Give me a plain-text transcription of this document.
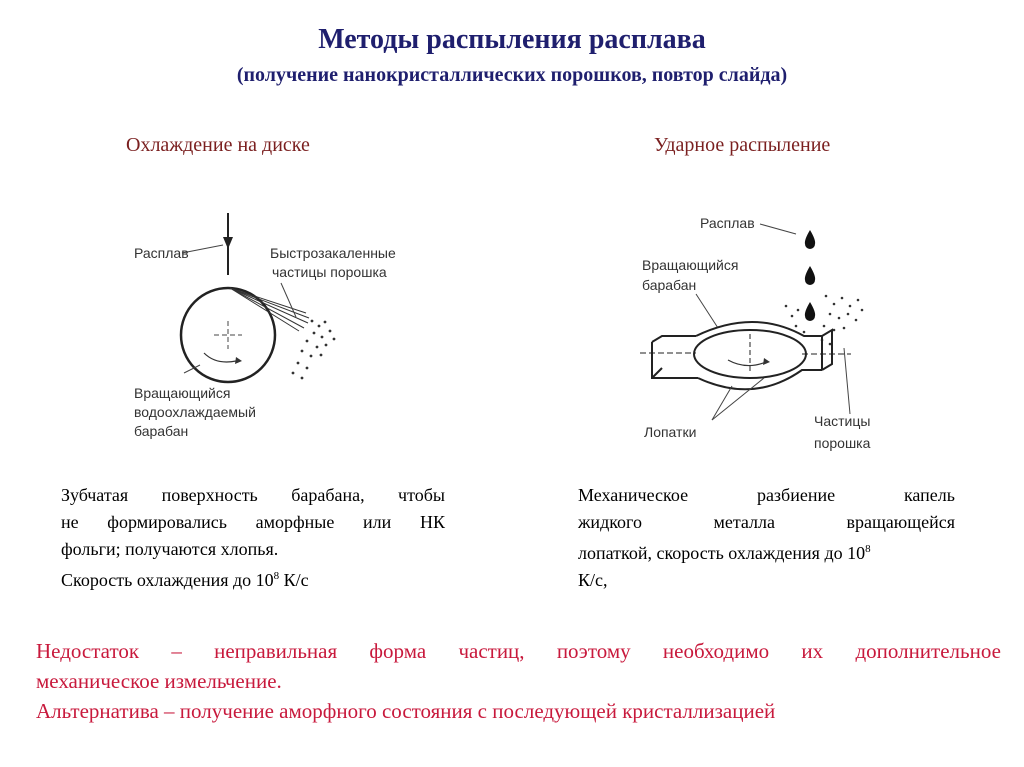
Методы распыления расплава
(получение нанокристаллических порошков, повтор слайда)
Охлаждение на диске	Ударное распыление
Расплав	Быстрозакаленные
частицы порошка
Вращающийся
водоохлаждаемый
барабан
Расплав
Вращающийся
барабан
Лопатки
Частицы
порошка
Зубчатая поверхность барабана, чтобы
не формировались аморфные или НК
фольги; получаются хлопья.
Скорость охлаждения до $10^8$ К/с
Механическое	разбиение	капель
жидкого	металла	вращающейся
лопаткой, скорость охлаждения до $10^8$
К/с,
Недостаток – неправильная форма частиц, поэтому необходимо их дополнительное
механическое измельчение.
Альтернатива – получение аморфного состояния с последующей кристаллизацией
